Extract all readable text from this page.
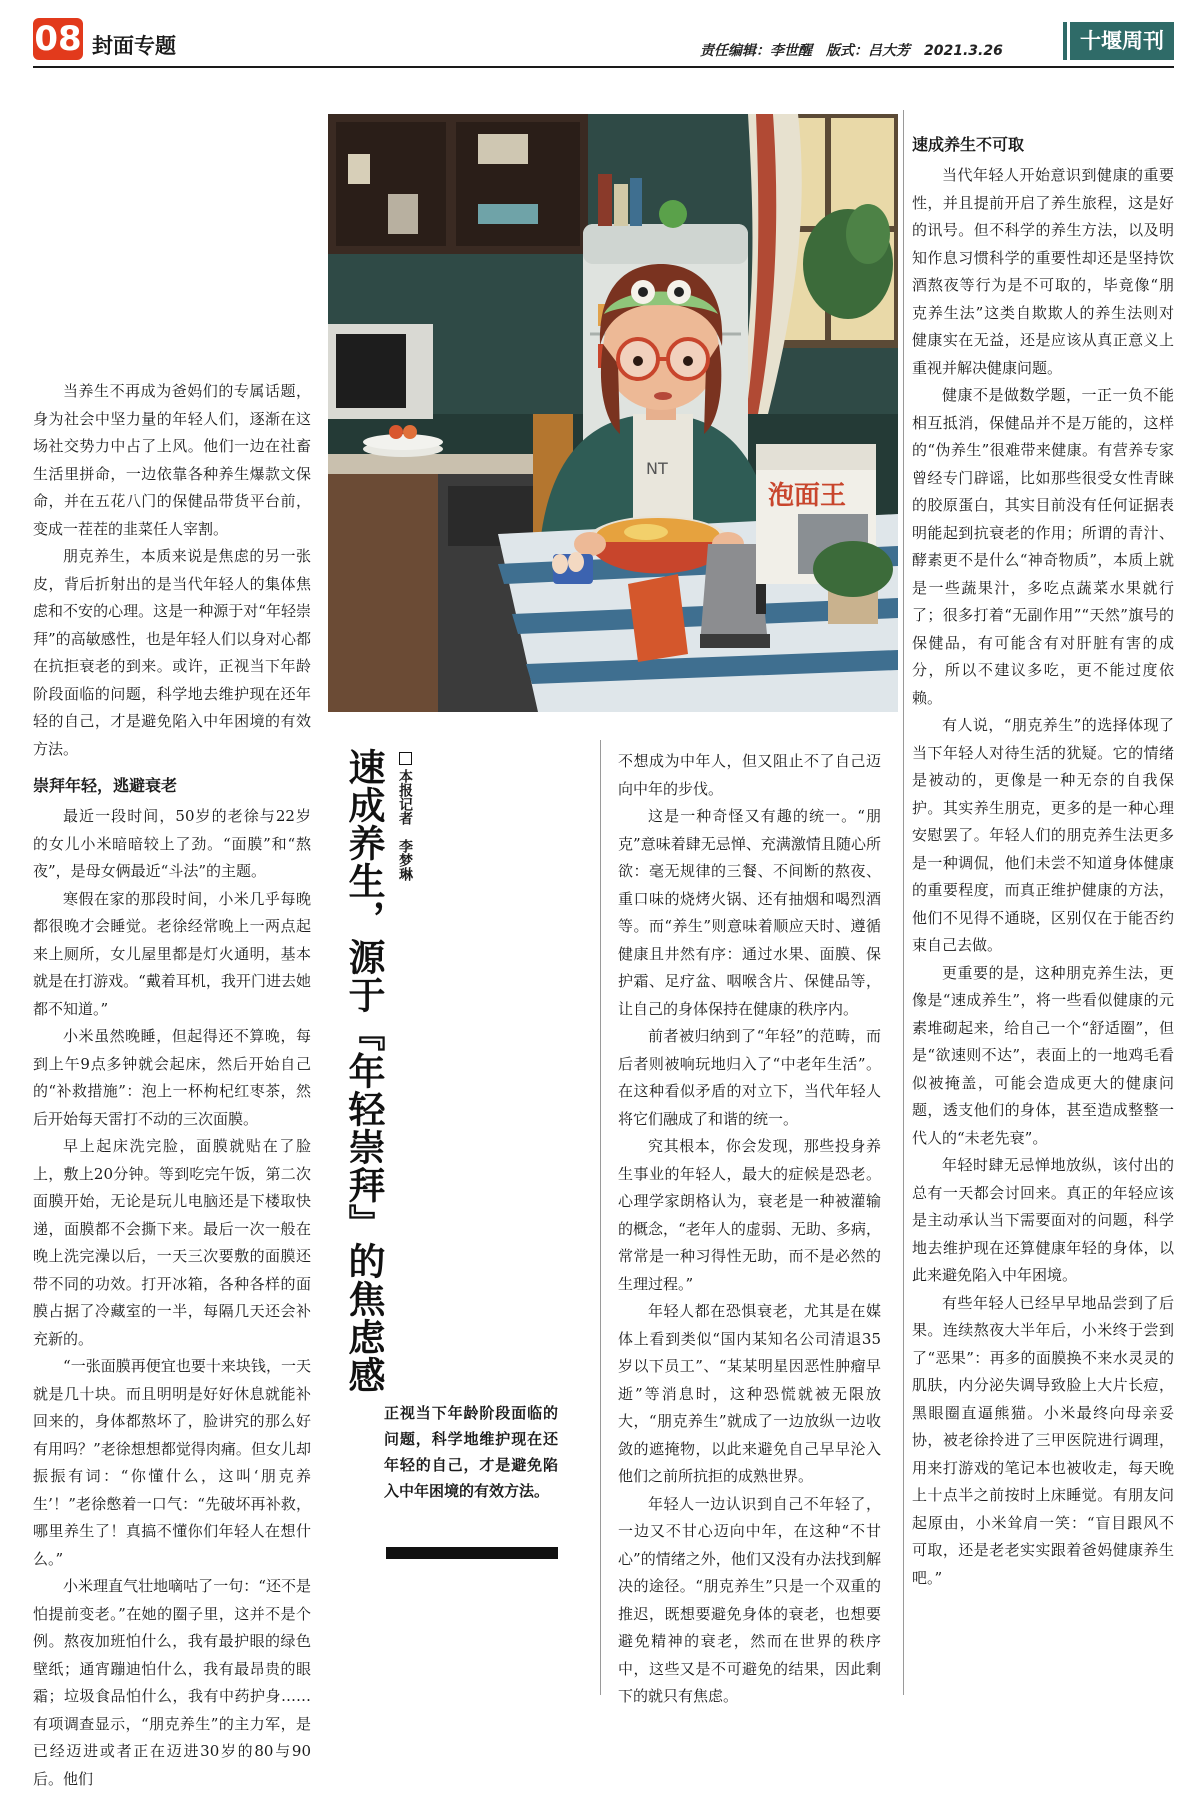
08 封面专题	责任编辑：李世醒　版式：吕大芳　2021.3.26	十堰周刊
NT
泡面王
速成养生，源于『年轻崇拜』的焦虑感 本报记者　李梦琳
正视当下年龄阶段面临的问题，科学地维护现在还年轻的自己，才是避免陷入中年困境的有效方法。

当养生不再成为爸妈们的专属话题，身为社会中坚力量的年轻人们，逐渐在这场社交势力中占了上风。他们一边在社畜生活里拼命，一边依靠各种养生爆款文保命，并在五花八门的保健品带货平台前，变成一茬茬的韭菜任人宰割。

朋克养生，本质来说是焦虑的另一张皮，背后折射出的是当代年轻人的集体焦虑和不安的心理。这是一种源于对“年轻崇拜”的高敏感性，也是年轻人们以身对心都在抗拒衰老的到来。或许，正视当下年龄阶段面临的问题，科学地去维护现在还年轻的自己，才是避免陷入中年困境的有效方法。

崇拜年轻，逃避衰老

最近一段时间，50岁的老徐与22岁的女儿小米暗暗较上了劲。“面膜”和“熬夜”，是母女俩最近“斗法”的主题。

寒假在家的那段时间，小米几乎每晚都很晚才会睡觉。老徐经常晚上一两点起来上厕所，女儿屋里都是灯火通明，基本就是在打游戏。“戴着耳机，我开门进去她都不知道。”

小米虽然晚睡，但起得还不算晚，每到上午9点多钟就会起床，然后开始自己的“补救措施”：泡上一杯枸杞红枣茶，然后开始每天雷打不动的三次面膜。

早上起床洗完脸，面膜就贴在了脸上，敷上20分钟。等到吃完午饭，第二次面膜开始，无论是玩儿电脑还是下楼取快递，面膜都不会撕下来。最后一次一般在晚上洗完澡以后，一天三次要敷的面膜还带不同的功效。打开冰箱，各种各样的面膜占据了冷藏室的一半，每隔几天还会补充新的。

“一张面膜再便宜也要十来块钱，一天就是几十块。而且明明是好好休息就能补回来的，身体都熬坏了，脸讲究的那么好有用吗？”老徐想想都觉得肉痛。但女儿却振振有词：“你懂什么，这叫‘朋克养生’！”老徐憋着一口气：“先破坏再补救，哪里养生了！真搞不懂你们年轻人在想什么。”

小米理直气壮地嘀咕了一句：“还不是怕提前变老。”在她的圈子里，这并不是个例。熬夜加班怕什么，我有最护眼的绿色壁纸；通宵蹦迪怕什么，我有最昂贵的眼霜；垃圾食品怕什么，我有中药护身……有项调查显示，“朋克养生”的主力军，是已经迈进或者正在迈进30岁的80与90后。他们

不想成为中年人，但又阻止不了自己迈向中年的步伐。

这是一种奇怪又有趣的统一。“朋克”意味着肆无忌惮、充满激情且随心所欲：毫无规律的三餐、不间断的熬夜、重口味的烧烤火锅、还有抽烟和喝烈酒等。而“养生”则意味着顺应天时、遵循健康且井然有序：通过水果、面膜、保护霜、足疗盆、咽喉含片、保健品等，让自己的身体保持在健康的秩序内。

前者被归纳到了“年轻”的范畴，而后者则被响玩地归入了“中老年生活”。在这种看似矛盾的对立下，当代年轻人将它们融成了和谐的统一。

究其根本，你会发现，那些投身养生事业的年轻人，最大的症候是恐老。心理学家朗格认为，衰老是一种被灌输的概念，“老年人的虚弱、无助、多病，常常是一种习得性无助，而不是必然的生理过程。”

年轻人都在恐惧衰老，尤其是在媒体上看到类似“国内某知名公司清退35岁以下员工”、“某某明星因恶性肿瘤早逝”等消息时，这种恐慌就被无限放大，“朋克养生”就成了一边放纵一边收敛的遮掩物，以此来避免自己早早沦入他们之前所抗拒的成熟世界。

年轻人一边认识到自己不年轻了，一边又不甘心迈向中年，在这种“不甘心”的情绪之外，他们又没有办法找到解决的途径。“朋克养生”只是一个双重的推迟，既想要避免身体的衰老，也想要避免精神的衰老，然而在世界的秩序中，这些又是不可避免的结果，因此剩下的就只有焦虑。

速成养生不可取

当代年轻人开始意识到健康的重要性，并且提前开启了养生旅程，这是好的讯号。但不科学的养生方法，以及明知作息习惯科学的重要性却还是坚持饮酒熬夜等行为是不可取的，毕竟像“朋克养生法”这类自欺欺人的养生法则对健康实在无益，还是应该从真正意义上重视并解决健康问题。

健康不是做数学题，一正一负不能相互抵消，保健品并不是万能的，这样的“伪养生”很难带来健康。有营养专家曾经专门辟谣，比如那些很受女性青睐的胶原蛋白，其实目前没有任何证据表明能起到抗衰老的作用；所谓的青汁、酵素更不是什么“神奇物质”，本质上就是一些蔬果汁，多吃点蔬菜水果就行了；很多打着“无副作用”“天然”旗号的保健品，有可能含有对肝脏有害的成分，所以不建议多吃，更不能过度依赖。

有人说，“朋克养生”的选择体现了当下年轻人对待生活的犹疑。它的情绪是被动的，更像是一种无奈的自我保护。其实养生朋克，更多的是一种心理安慰罢了。年轻人们的朋克养生法更多是一种调侃，他们未尝不知道身体健康的重要程度，而真正维护健康的方法，他们不见得不通晓，区别仅在于能否约束自己去做。

更重要的是，这种朋克养生法，更像是“速成养生”，将一些看似健康的元素堆砌起来，给自己一个“舒适圈”，但是“欲速则不达”，表面上的一地鸡毛看似被掩盖，可能会造成更大的健康问题，透支他们的身体，甚至造成整整一代人的“未老先衰”。

年轻时肆无忌惮地放纵，该付出的总有一天都会讨回来。真正的年轻应该是主动承认当下需要面对的问题，科学地去维护现在还算健康年轻的身体，以此来避免陷入中年困境。

有些年轻人已经早早地品尝到了后果。连续熬夜大半年后，小米终于尝到了“恶果”：再多的面膜换不来水灵灵的肌肤，内分泌失调导致脸上大片长痘，黑眼圈直逼熊猫。小米最终向母亲妥协，被老徐拎进了三甲医院进行调理，用来打游戏的笔记本也被收走，每天晚上十点半之前按时上床睡觉。有朋友问起原由，小米耸肩一笑：“盲目跟风不可取，还是老老实实跟着爸妈健康养生吧。”
